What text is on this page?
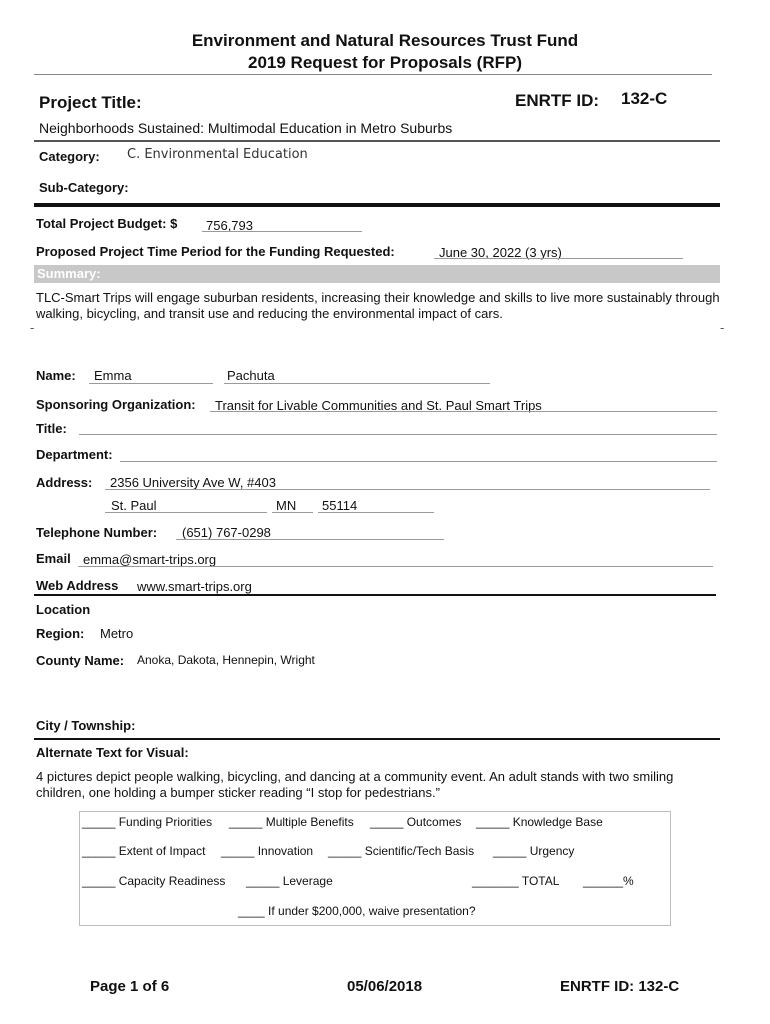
Environment and Natural Resources Trust Fund
2019 Request for Proposals (RFP)
Project Title:	ENRTF ID: 132-C
Neighborhoods Sustained: Multimodal Education in Metro Suburbs
Category: C. Environmental Education
Sub-Category:
Total Project Budget: $ 756,793
Proposed Project Time Period for the Funding Requested:	June 30, 2022 (3 yrs)
Summary:
TLC-Smart Trips will engage suburban residents, increasing their knowledge and skills to live more sustainably through walking, bicycling, and transit use and reducing the environmental impact of cars.
-	-
Name: Emma	Pachuta
Sponsoring Organization: Transit for Livable Communities and St. Paul Smart Trips
Title:
Department:
Address: 2356 University Ave W, #403
St. Paul	MN 55114
Telephone Number: (651) 767-0298
Email emma@smart-trips.org
Web Address www.smart-trips.org
Location
Region: Metro
County Name: Anoka, Dakota, Hennepin, Wright
City / Township:
Alternate Text for Visual:
4 pictures depict people walking, bicycling, and dancing at a community event. An adult stands with two smiling children, one holding a bumper sticker reading “I stop for pedestrians.”
_____ Funding Priorities _____ Multiple Benefits _____ Outcomes _____ Knowledge Base
_____ Extent of Impact _____ Innovation _____ Scientific/Tech Basis _____ Urgency
_____ Capacity Readiness _____ Leverage	_______ TOTAL ______%
____ If under $200,000, waive presentation?
Page 1 of 6	05/06/2018	ENRTF ID: 132-C
